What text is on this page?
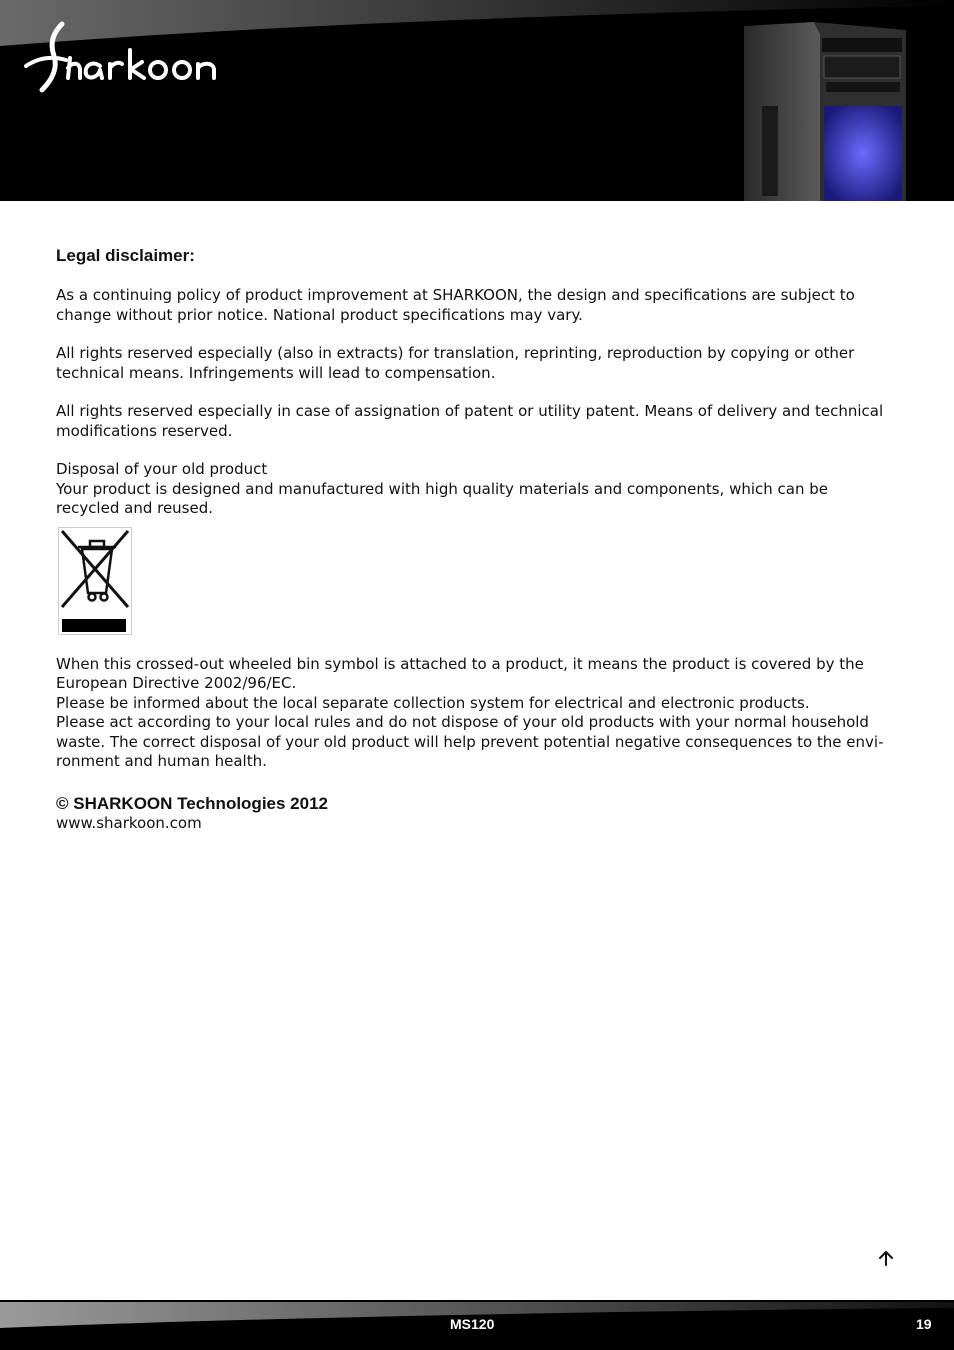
Legal disclaimer:

As a continuing policy of product improvement at SHARKOON, the design and specifications are subject to change without prior notice. National product specifications may vary.

All rights reserved especially (also in extracts) for translation, reprinting, reproduction by copying or other technical means. Infringements will lead to compensation.

All rights reserved especially in case of assignation of patent or utility patent. Means of delivery and technical modifications reserved.

Disposal of your old product

Your product is designed and manufactured with high quality materials and components, which can be recycled and reused.

When this crossed-out wheeled bin symbol is attached to a product, it means the product is covered by the European Directive 2002/96/EC.

Please be informed about the local separate collection system for electrical and electronic products.

Please act according to your local rules and do not dispose of your old products with your normal household waste. The correct disposal of your old product will help prevent potential negative consequences to the envi-ronment and human health.

© SHARKOON Technologies 2012

www.sharkoon.com

MS120	19
